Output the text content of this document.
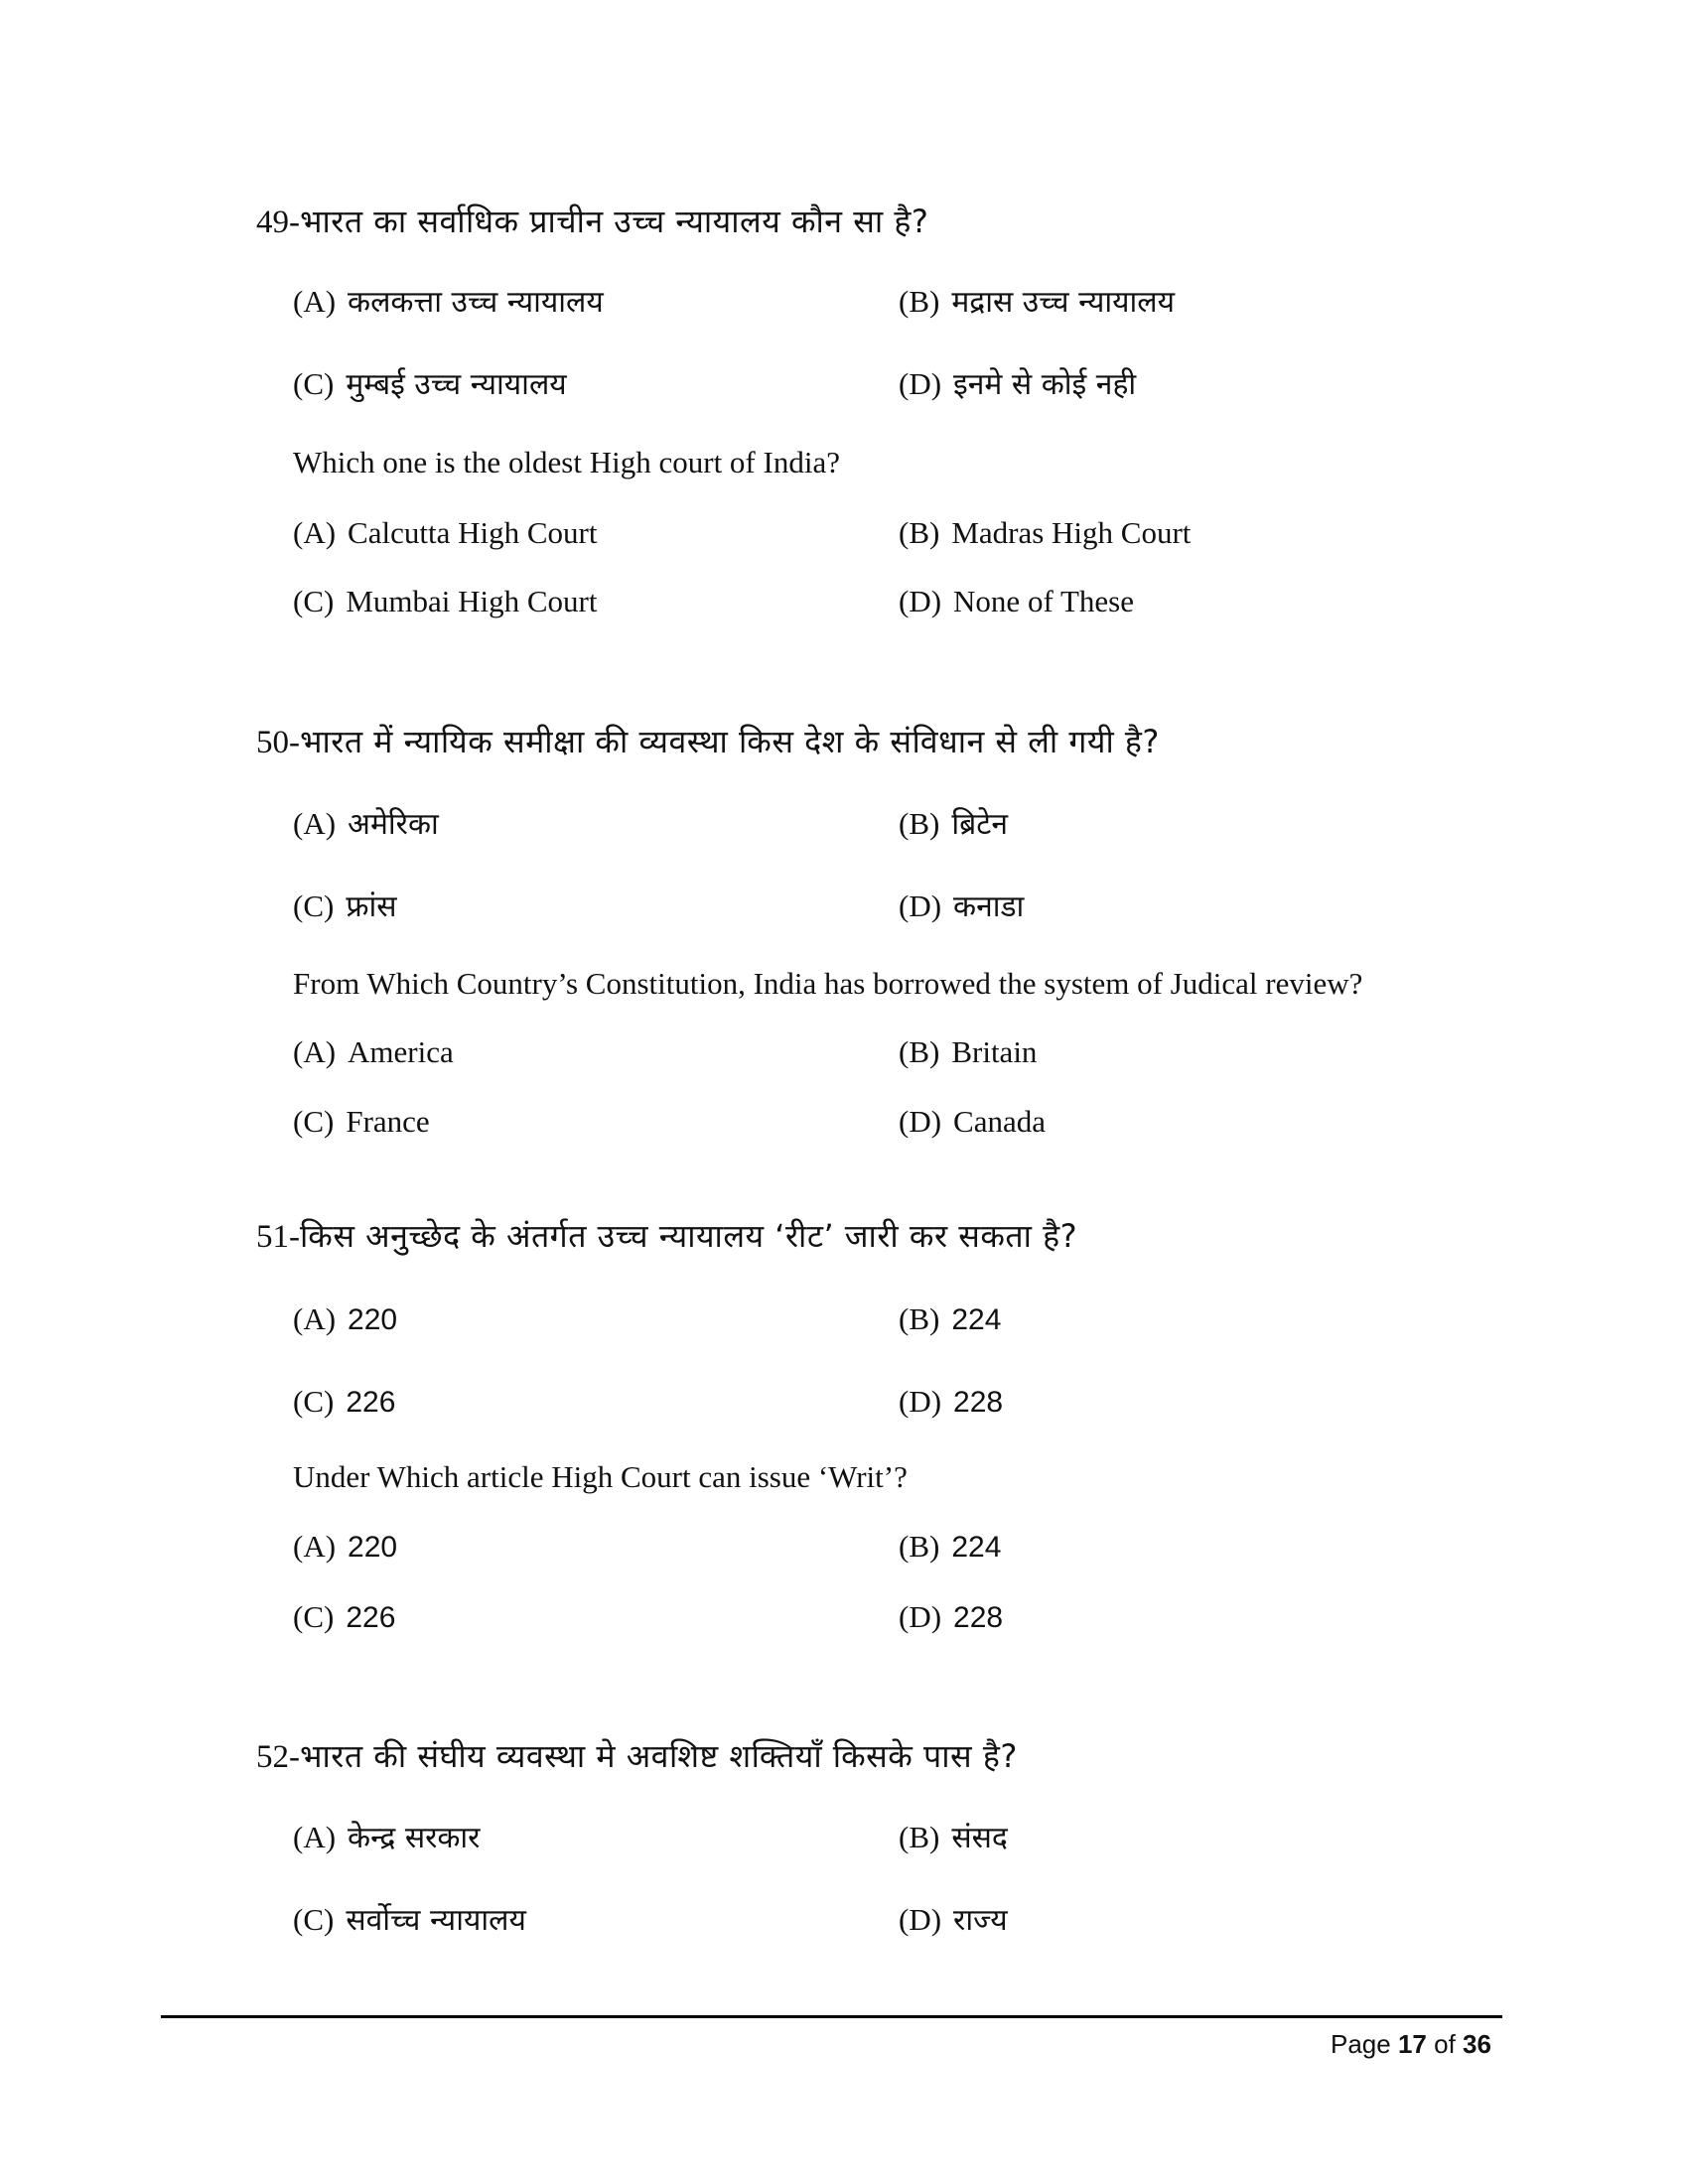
49-भारत का सर्वाधिक प्राचीन उच्च न्यायालय कौन सा है?
(A) कलकत्ता उच्च न्यायालय	(B) मद्रास उच्च न्यायालय
(C) मुम्बई उच्च न्यायालय	(D) इनमे से कोई नही
Which one is the oldest High court of India?
(A) Calcutta High Court	(B) Madras High Court
(C) Mumbai High Court	(D) None of These
50-भारत में न्यायिक समीक्षा की व्यवस्था किस देश के संविधान से ली गयी है?
(A) अमेरिका	(B) ब्रिटेन
(C) फ्रांस	(D) कनाडा
From Which Country’s Constitution, India has borrowed the system of Judical review?
(A) America	(B) Britain
(C) France	(D) Canada
51-किस अनुच्छेद के अंतर्गत उच्च न्यायालय ‘रीट’ जारी कर सकता है?
(A) 220	(B) 224
(C) 226	(D) 228
Under Which article High Court can issue ‘Writ’?
(A) 220	(B) 224
(C) 226	(D) 228
52-भारत की संघीय व्यवस्था मे अवशिष्ट शक्तियाँ किसके पास है?
(A) केन्द्र सरकार	(B) संसद
(C) सर्वोच्च न्यायालय	(D) राज्य
Page 17 of 36
